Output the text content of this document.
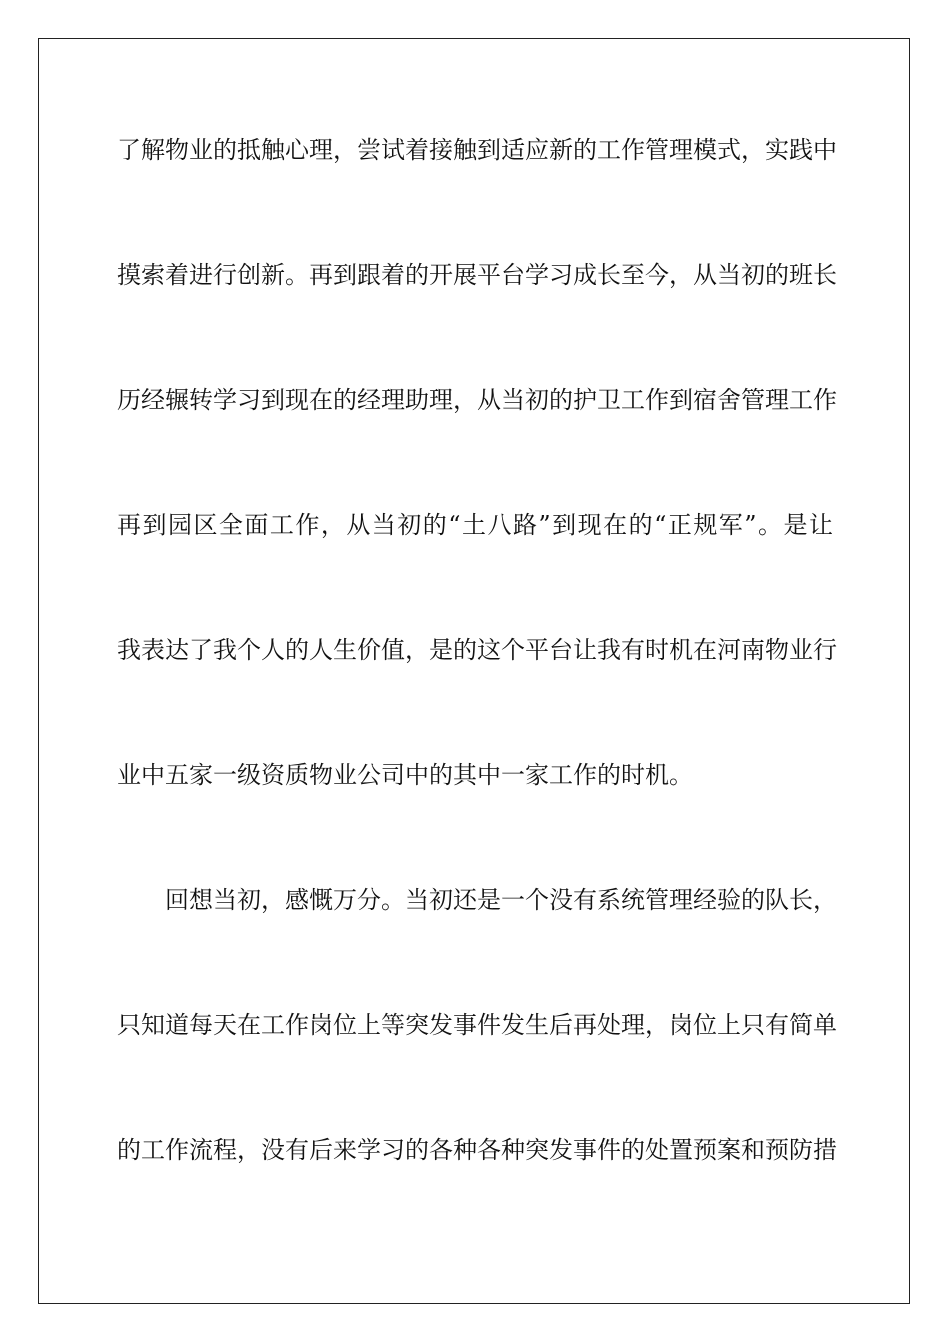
了解物业的抵触心理，尝试着接触到适应新的工作管理模式，实践中

摸索着进行创新。再到跟着的开展平台学习成长至今，从当初的班长

历经辗转学习到现在的经理助理，从当初的护卫工作到宿舍管理工作

再到园区全面工作，从当初的“土八路”到现在的“正规军”。是让

我表达了我个人的人生价值，是的这个平台让我有时机在河南物业行

业中五家一级资质物业公司中的其中一家工作的时机。

回想当初，感慨万分。当初还是一个没有系统管理经验的队长，

只知道每天在工作岗位上等突发事件发生后再处理，岗位上只有简单

的工作流程，没有后来学习的各种各种突发事件的处置预案和预防措
